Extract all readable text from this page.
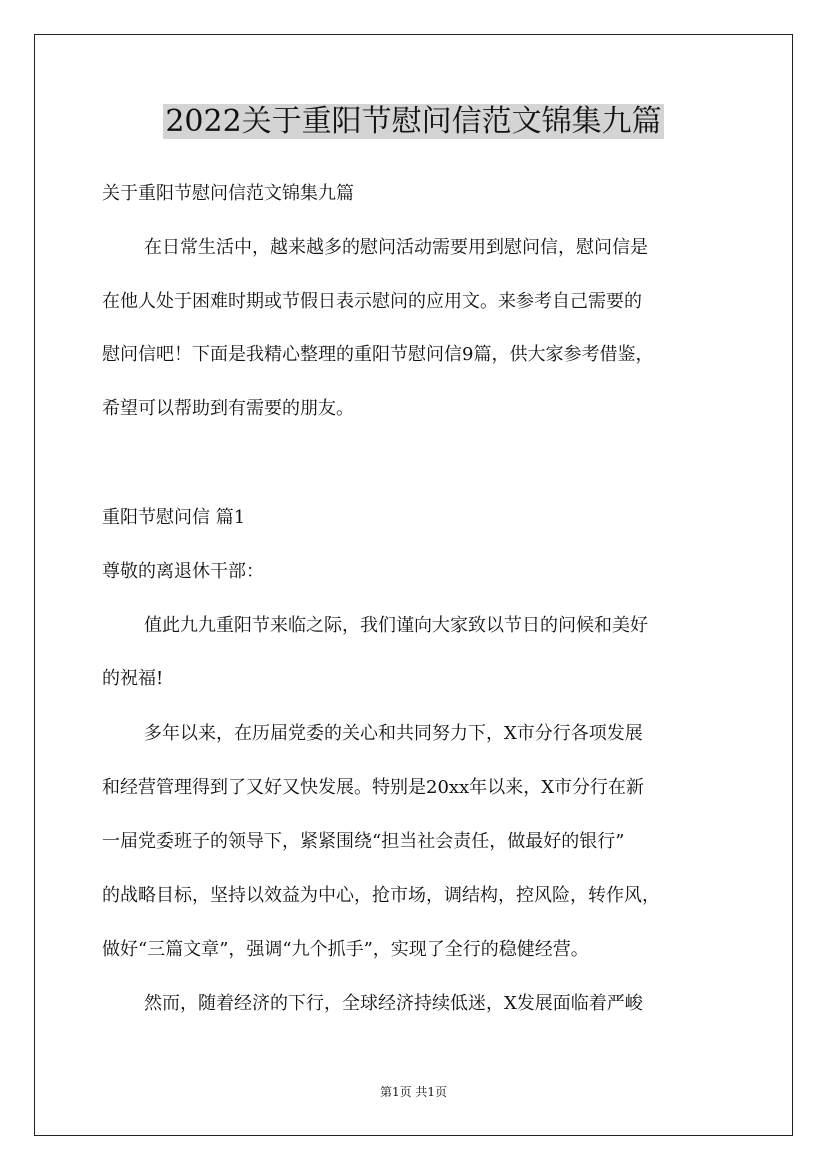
2022关于重阳节慰问信范文锦集九篇
关于重阳节慰问信范文锦集九篇
在日常生活中，越来越多的慰问活动需要用到慰问信，慰问信是
在他人处于困难时期或节假日表示慰问的应用文。来参考自己需要的
慰问信吧！下面是我精心整理的重阳节慰问信9篇，供大家参考借鉴，
希望可以帮助到有需要的朋友。
重阳节慰问信 篇1
尊敬的离退休干部：
值此九九重阳节来临之际，我们谨向大家致以节日的问候和美好
的祝福!
多年以来，在历届党委的关心和共同努力下，X市分行各项发展
和经营管理得到了又好又快发展。特别是20xx年以来，X市分行在新
一届党委班子的领导下，紧紧围绕“担当社会责任，做最好的银行”
的战略目标，坚持以效益为中心，抢市场，调结构，控风险，转作风，
做好“三篇文章”，强调“九个抓手”，实现了全行的稳健经营。
然而，随着经济的下行，全球经济持续低迷，X发展面临着严峻
第1页 共1页
